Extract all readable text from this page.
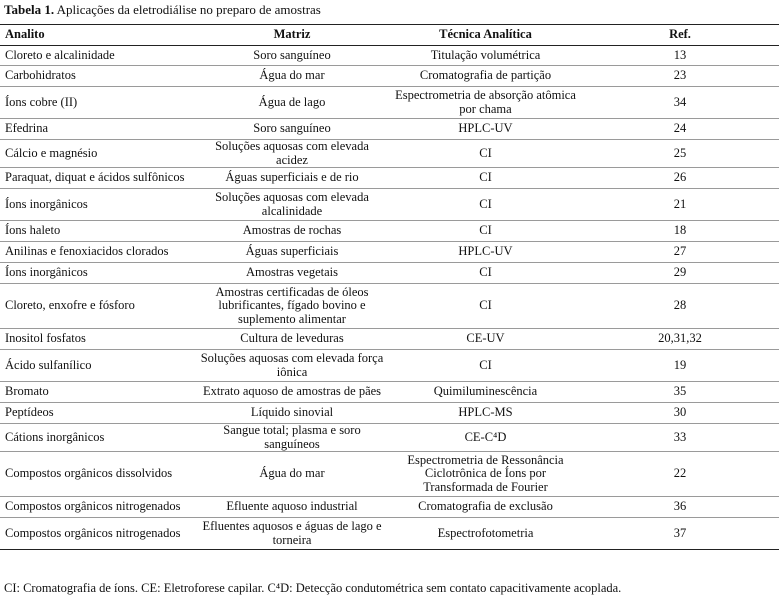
Tabela 1. Aplicações da eletrodiálise no preparo de amostras
Analito	Matriz	Técnica Analítica	Ref.
Cloreto e alcalinidade	Soro sanguíneo	Titulação volumétrica	13
Carbohidratos	Água do mar	Cromatografia de partição	23
Íons cobre (II)	Água de lago	Espectrometria de absorção atômica por chama	34
Efedrina	Soro sanguíneo	HPLC-UV	24
Cálcio e magnésio	Soluções aquosas com elevada acidez	CI	25
Paraquat, diquat e ácidos sulfônicos	Águas superficiais e de rio	CI	26
Íons inorgânicos	Soluções aquosas com elevada alcalinidade	CI	21
Íons haleto	Amostras de rochas	CI	18
Anilinas e fenoxiacidos clorados	Águas superficiais	HPLC-UV	27
Íons inorgânicos	Amostras vegetais	CI	29
Cloreto, enxofre e fósforo	Amostras certificadas de óleos lubrificantes, fígado bovino e suplemento alimentar	CI	28
Inositol fosfatos	Cultura de leveduras	CE-UV	20,31,32
Ácido sulfanílico	Soluções aquosas com elevada força iônica	CI	19
Bromato	Extrato aquoso de amostras de pães	Quimiluminescência	35
Peptídeos	Líquido sinovial	HPLC-MS	30
Cátions inorgânicos	Sangue total; plasma e soro sanguíneos	CE-C⁴D	33
Compostos orgânicos dissolvidos	Água do mar	Espectrometria de Ressonância Ciclotrônica de Íons por Transformada de Fourier	22
Compostos orgânicos nitrogenados	Efluente aquoso industrial	Cromatografia de exclusão	36
Compostos orgânicos nitrogenados	Efluentes aquosos e águas de lago e torneira	Espectrofotometria	37
CI: Cromatografia de íons. CE: Eletroforese capilar. C⁴D: Detecção condutométrica sem contato capacitivamente acoplada.
